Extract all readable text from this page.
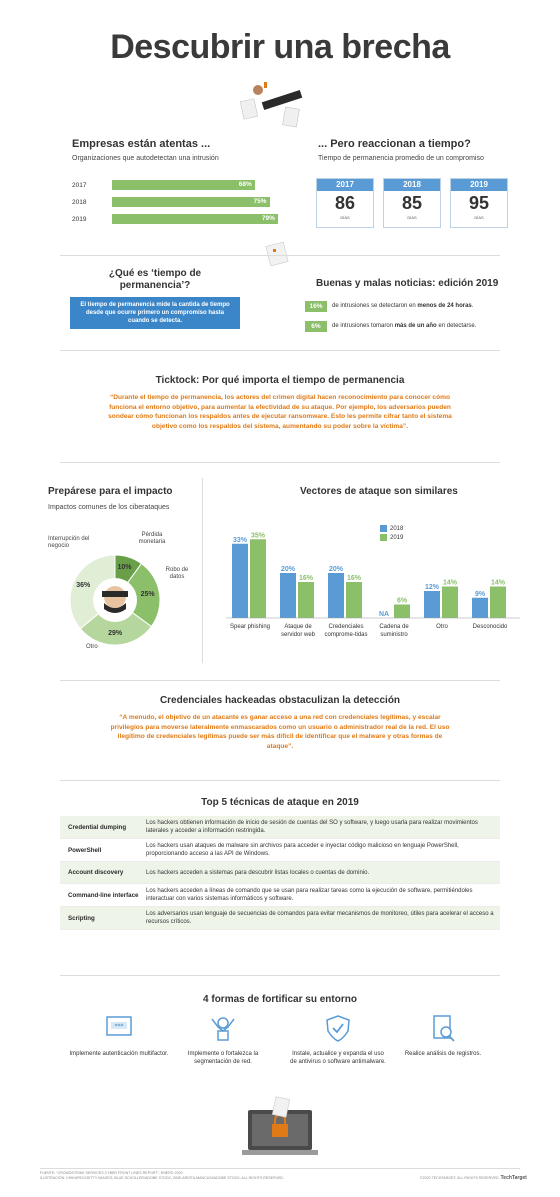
Descubrir una brecha
Empresas están atentas ...
Organizaciones que autodetectan una intrusión
2017	68%
2018	75%
2019	79%
... Pero reaccionan a tiempo?
Tiempo de permanencia promedio de un compromiso
2017
86
DÍAS
2018
85
DÍAS
2019
95
DÍAS
¿Qué es ‘tiempo de permanencia’?
El tiempo de permanencia mide la cantida de tiempo desde que ocurre primero un compromiso hasta cuando se detecta.
Buenas y malas noticias: edición 2019
16%	de intrusiones se detectaron en menos de 24 horas.
6%	de intrusiones tomaron más de un año en detectarse.
Ticktock: Por qué importa el tiempo de permanencia
“Durante el tiempo de permanencia, los actores del crimen digital hacen reconocimiento para conocer cómo funciona el entorno objetivo, para aumentar la efectividad de su ataque. Por ejemplo, los adversarios pueden sondear cómo funcionan los respaldos antes de ejecutar ransomware. Esto les permite cifrar tanto el sistema objetivo como los respaldos del sistema, aumentando su poder sobre la víctima”.
Prepárese para el impacto
Impactos comunes de los ciberataques
Interrupción del negocio
Pérdida monetaria
Robo de datos
Otro
10%
25%
29%
36%
Vectores de ataque son similares
2018
2019
33%
35%
20%
16%
20%
16%
NA
6%
12%
14%
9%
14%
Spear phishing	Ataque de servidor web
Credenciales comprome-tidas
Cadena de suministro
Otro	Desconocido
Credenciales hackeadas obstaculizan la detección
“A menudo, el objetivo de un atacante es ganar acceso a una red con credenciales legítimas, y escalar privilegios para moverse lateralmente enmascarados como un usuario o administrador real de la red. El uso ilegítimo de credenciales legítimas puede ser más difícil de identificar que el malware y otras formas de ataque”.
Top 5 técnicas de ataque en 2019
Credential dumping
Los hackers obtienen información de inicio de sesión de cuentas del SO y software, y luego usarla para realizar movimientos laterales y acceder a información restringida.
PowerShell
Los hackers usan ataques de malware sin archivos para acceder e inyectar código malicioso en lenguaje PowerShell, proporcionando acceso a las API de Windows.
Account discovery	Los hackers acceden a sistemas para descubrir listas locales o cuentas de dominio.
Command-line interface
Los hackers acceden a líneas de comando que se usan para realizar tareas como la ejecución de software, permitiéndoles interactuar con varios sistemas informáticos y software.
Scripting
Los adversarios usan lenguaje de secuencias de comandos para evitar mecanismos de monitoreo, útiles para acelerar el acceso a recursos críticos.
4 formas de fortificar su entorno
***
Implemente autenticación multifactor.	Implemente o fortalezca la segmentación de red.
Instale, actualice y expanda el uso de antivirus o software antimalware.
Realice análisis de registros.
FUENTE: “CROWDSTRIKE SERVICES CYBER FRONT LINES REPORT”, ENERO 2020
ILUSTRACIÓN: CHIKAPEV/GETTY IMAGES; BLUE SCHOLLER/ADOBE STOCK; ZINE-ARISTA-MANCUSI/ADOBE STOCK; ALL RIGHTS RESERVED.	©2020 TECHTARGET. ALL RIGHTS RESERVED. TechTarget
